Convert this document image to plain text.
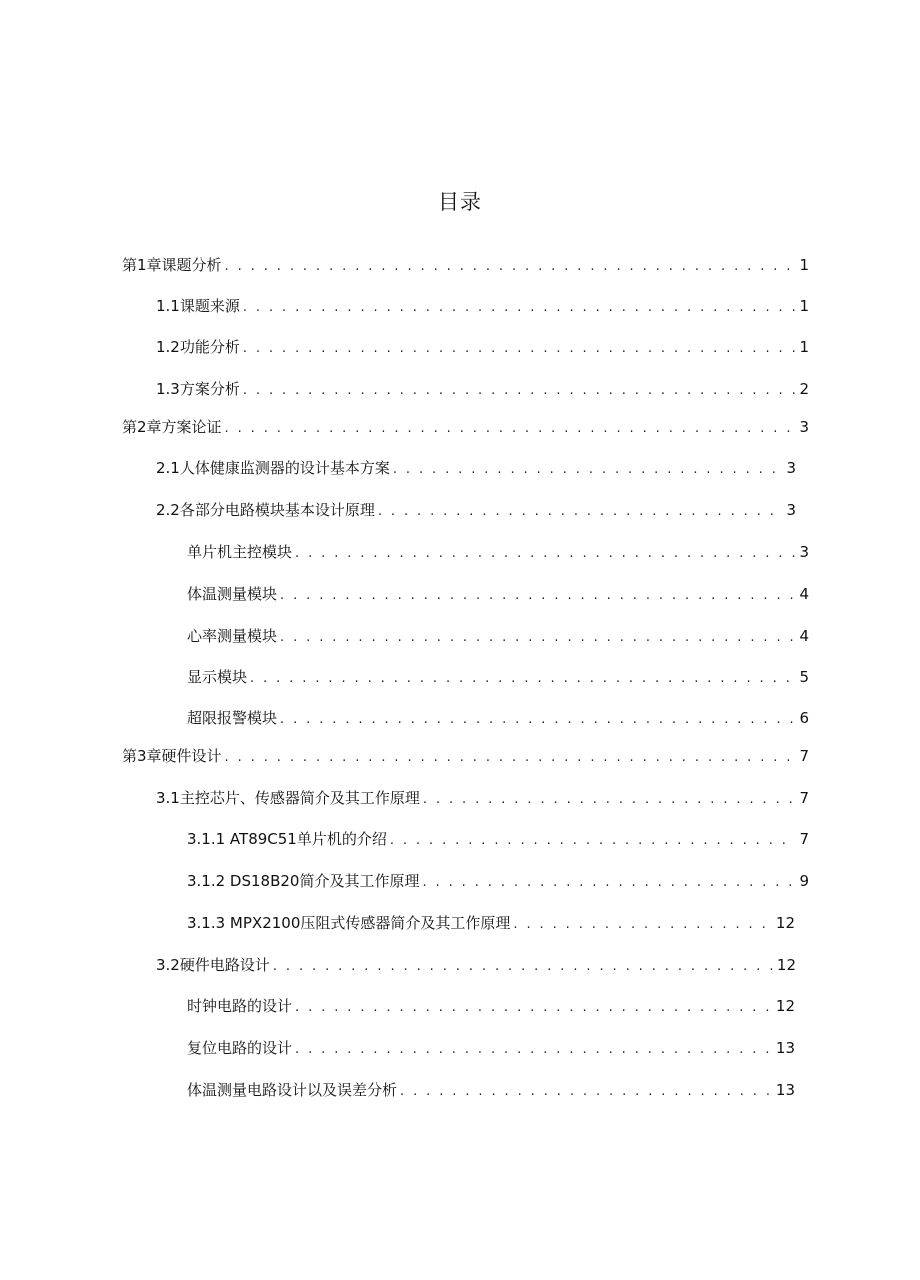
目录
第1章课题分析 . . .	1
1.1课题来源 . . .	1
1.2功能分析 . . .	1
1.3方案分析 . . .	2
第2章方案论证 . . .	3
2.1人体健康监测器的设计基本方案 . . .	3
2.2各部分电路模块基本设计原理 . . .	3
单片机主控模块 . . .	3
体温测量模块 . . .	4
心率测量模块 . . .	4
显示模块 . . .	5
超限报警模块 . . .	6
第3章硬件设计 . . .	7
3.1主控芯片、传感器简介及其工作原理 . . .	7
3.1.1 AT89C51单片机的介绍 . . .	7
3.1.2 DS18B20简介及其工作原理 . . .	9
3.1.3 MPX2100压阻式传感器简介及其工作原理 . . .	12
3.2硬件电路设计 . . .	12
时钟电路的设计 . . .	12
复位电路的设计 . . .	13
体温测量电路设计以及误差分析 . . .	13
